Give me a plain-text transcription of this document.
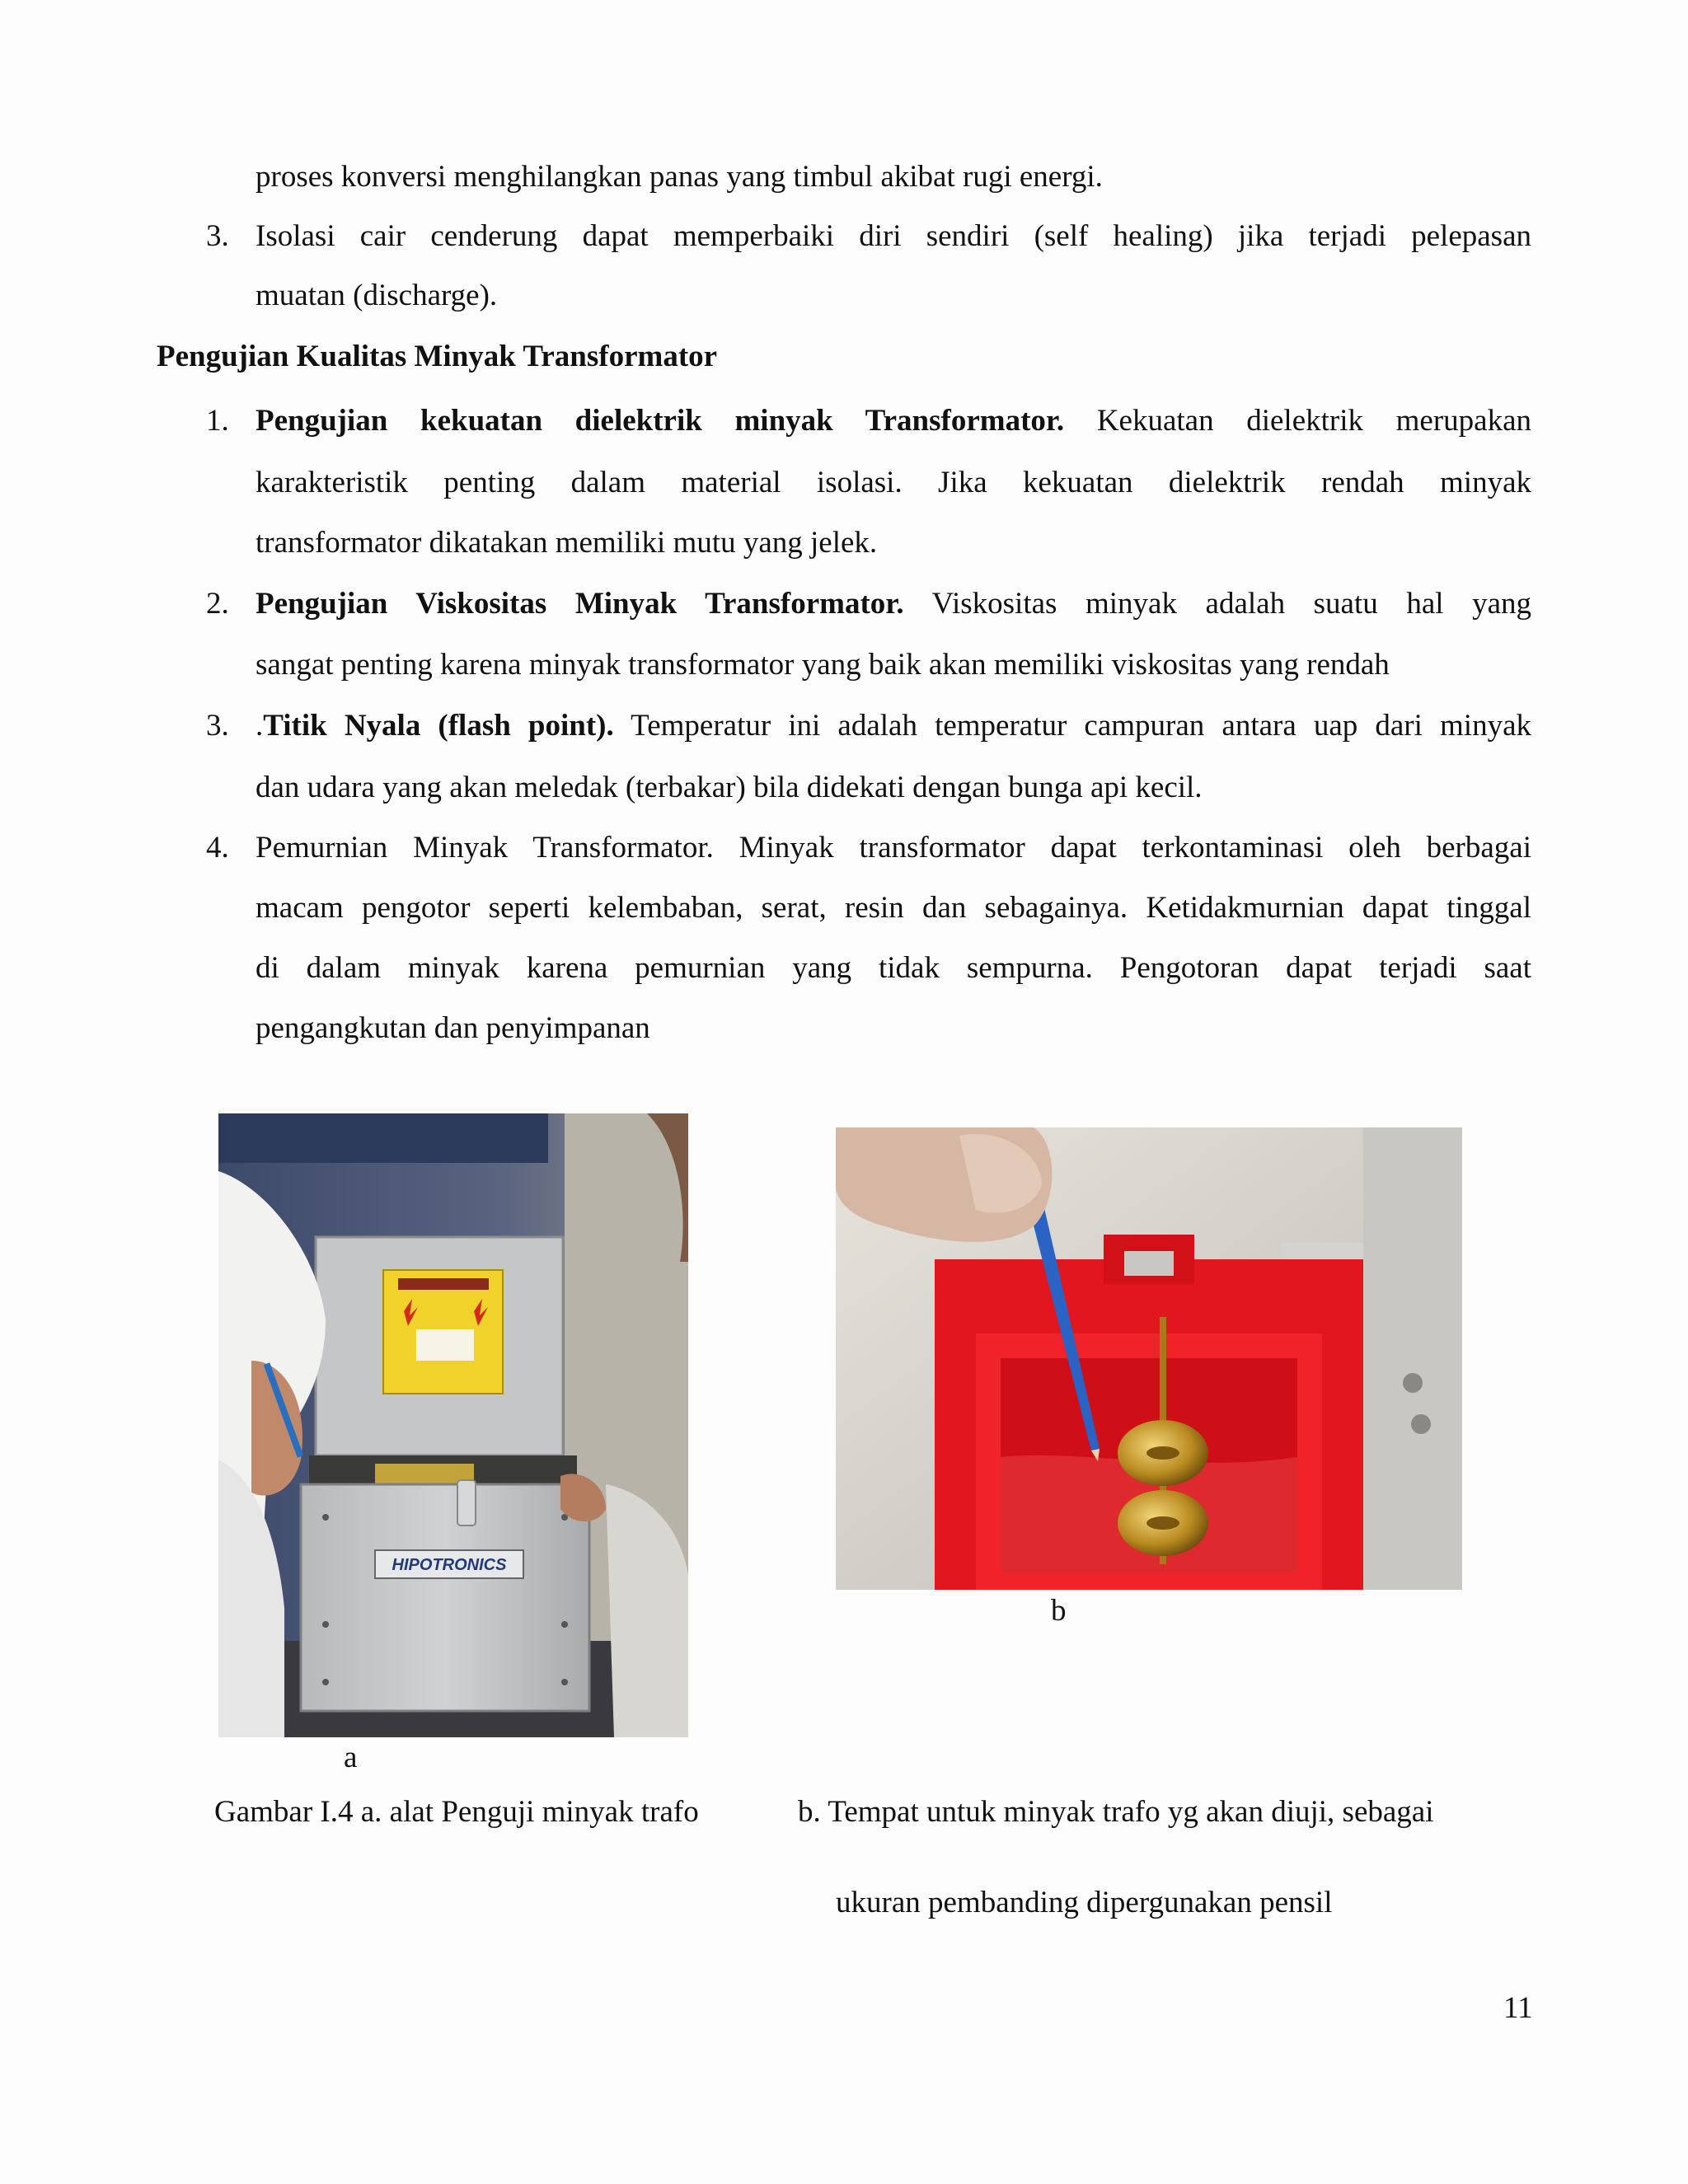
proses konversi menghilangkan panas yang timbul akibat rugi energi.
3. Isolasi cair cenderung dapat memperbaiki diri sendiri (self healing) jika terjadi pelepasan
muatan (discharge).
Pengujian Kualitas Minyak Transformator
1. Pengujian kekuatan dielektrik minyak Transformator. Kekuatan dielektrik merupakan
karakteristik penting dalam material isolasi. Jika kekuatan dielektrik rendah minyak
transformator dikatakan memiliki mutu yang jelek.
2. Pengujian Viskositas Minyak Transformator. Viskositas minyak adalah suatu hal yang
sangat penting karena minyak transformator yang baik akan memiliki viskositas yang rendah
3. .Titik Nyala (flash point). Temperatur ini adalah temperatur campuran antara uap dari minyak
dan udara yang akan meledak (terbakar) bila didekati dengan bunga api kecil.
4. Pemurnian Minyak Transformator. Minyak transformator dapat terkontaminasi oleh berbagai
macam pengotor seperti kelembaban, serat, resin dan sebagainya. Ketidakmurnian dapat tinggal
di dalam minyak karena pemurnian yang tidak sempurna. Pengotoran dapat terjadi saat
pengangkutan dan penyimpanan
HIPOTRONICS
a
b
Gambar I.4 a. alat Penguji minyak trafo	b. Tempat untuk minyak trafo yg akan diuji, sebagai
ukuran pembanding dipergunakan pensil
11
